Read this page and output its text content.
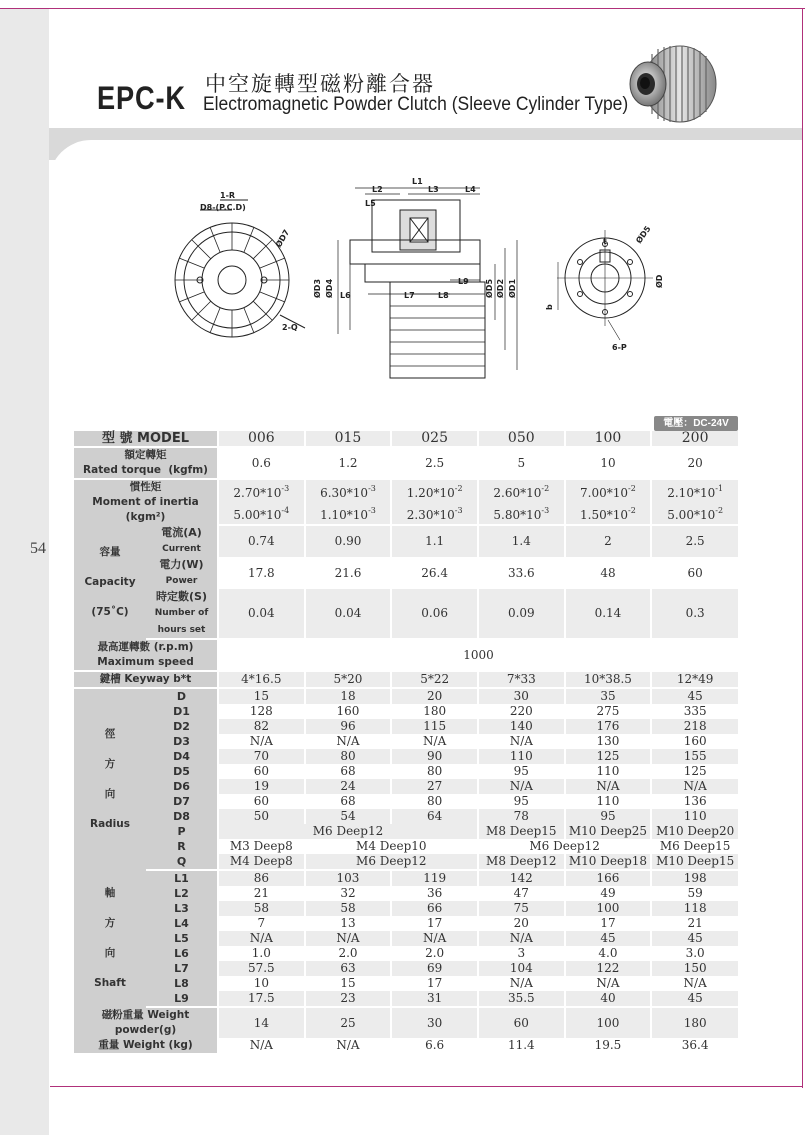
54
EPC-K 中空旋轉型磁粉離合器
Electromagnetic Powder Clutch (Sleeve Cylinder Type)
1-R
D8-(P.C.D)
ØD7
2-Q
L1
L2	L3	L4
L5
L6	L7	L8
L9
ØD3 ØD4	ØD5 ØD2 ØD1
t	ØD5
ØD
b
6-P
電壓：DC-24V
型 號 MODEL		006	015	025	050	100	200
額定轉矩
Rated torque  (kgfm)		0.6	1.2	2.5	5	10	20
慣性矩
Moment of inertia (kgm²)		$2.70*10^{-3}$	$6.30*10^{-3}$	$1.20*10^{-2}$	$2.60*10^{-2}$	$7.00*10^{-2}$	$2.10*10^{-1}$
		$5.00*10^{-4}$	$1.10*10^{-3}$	$2.30*10^{-3}$	$5.80*10^{-3}$	$1.50*10^{-2}$	$5.00*10^{-2}$
容量

Capacity

(75˚C)	電流(A)
Current	0.74	0.90	1.1	1.4	2	2.5
	電力(W)
Power	17.8	21.6	26.4	33.6	48	60
	時定數(S)
Number of hours set	0.04	0.04	0.06	0.09	0.14	0.3
最高運轉數 (r.p.m)
Maximum speed		1000					
鍵槽 Keyway b*t		4*16.5	5*20	5*22	7*33	10*38.5	12*49
徑

方

向

Radius	D	15	18	20	30	35	45
	D1	128	160	180	220	275	335
	D2	82	96	115	140	176	218
	D3	N/A	N/A	N/A	N/A	130	160
	D4	70	80	90	110	125	155
	D5	60	68	80	95	110	125
	D6	19	24	27	N/A	N/A	N/A
	D7	60	68	80	95	110	136
	D8	50	54	64	78	95	110
	P	M6 Deep12			M8 Deep15	M10 Deep25	M10 Deep20
	R	M3 Deep8	M4 Deep10		M6 Deep12		M6 Deep15
	Q	M4 Deep8	M6 Deep12		M8 Deep12	M10 Deep18	M10 Deep15
軸

方

向

Shaft	L1	86	103	119	142	166	198
	L2	21	32	36	47	49	59
	L3	58	58	66	75	100	118
	L4	7	13	17	20	17	21
	L5	N/A	N/A	N/A	N/A	45	45
	L6	1.0	2.0	2.0	3	4.0	3.0
	L7	57.5	63	69	104	122	150
	L8	10	15	17	N/A	N/A	N/A
	L9	17.5	23	31	35.5	40	45
磁粉重量 Weight powder(g)		14	25	30	60	100	180
重量 Weight (kg)		N/A	N/A	6.6	11.4	19.5	36.4
